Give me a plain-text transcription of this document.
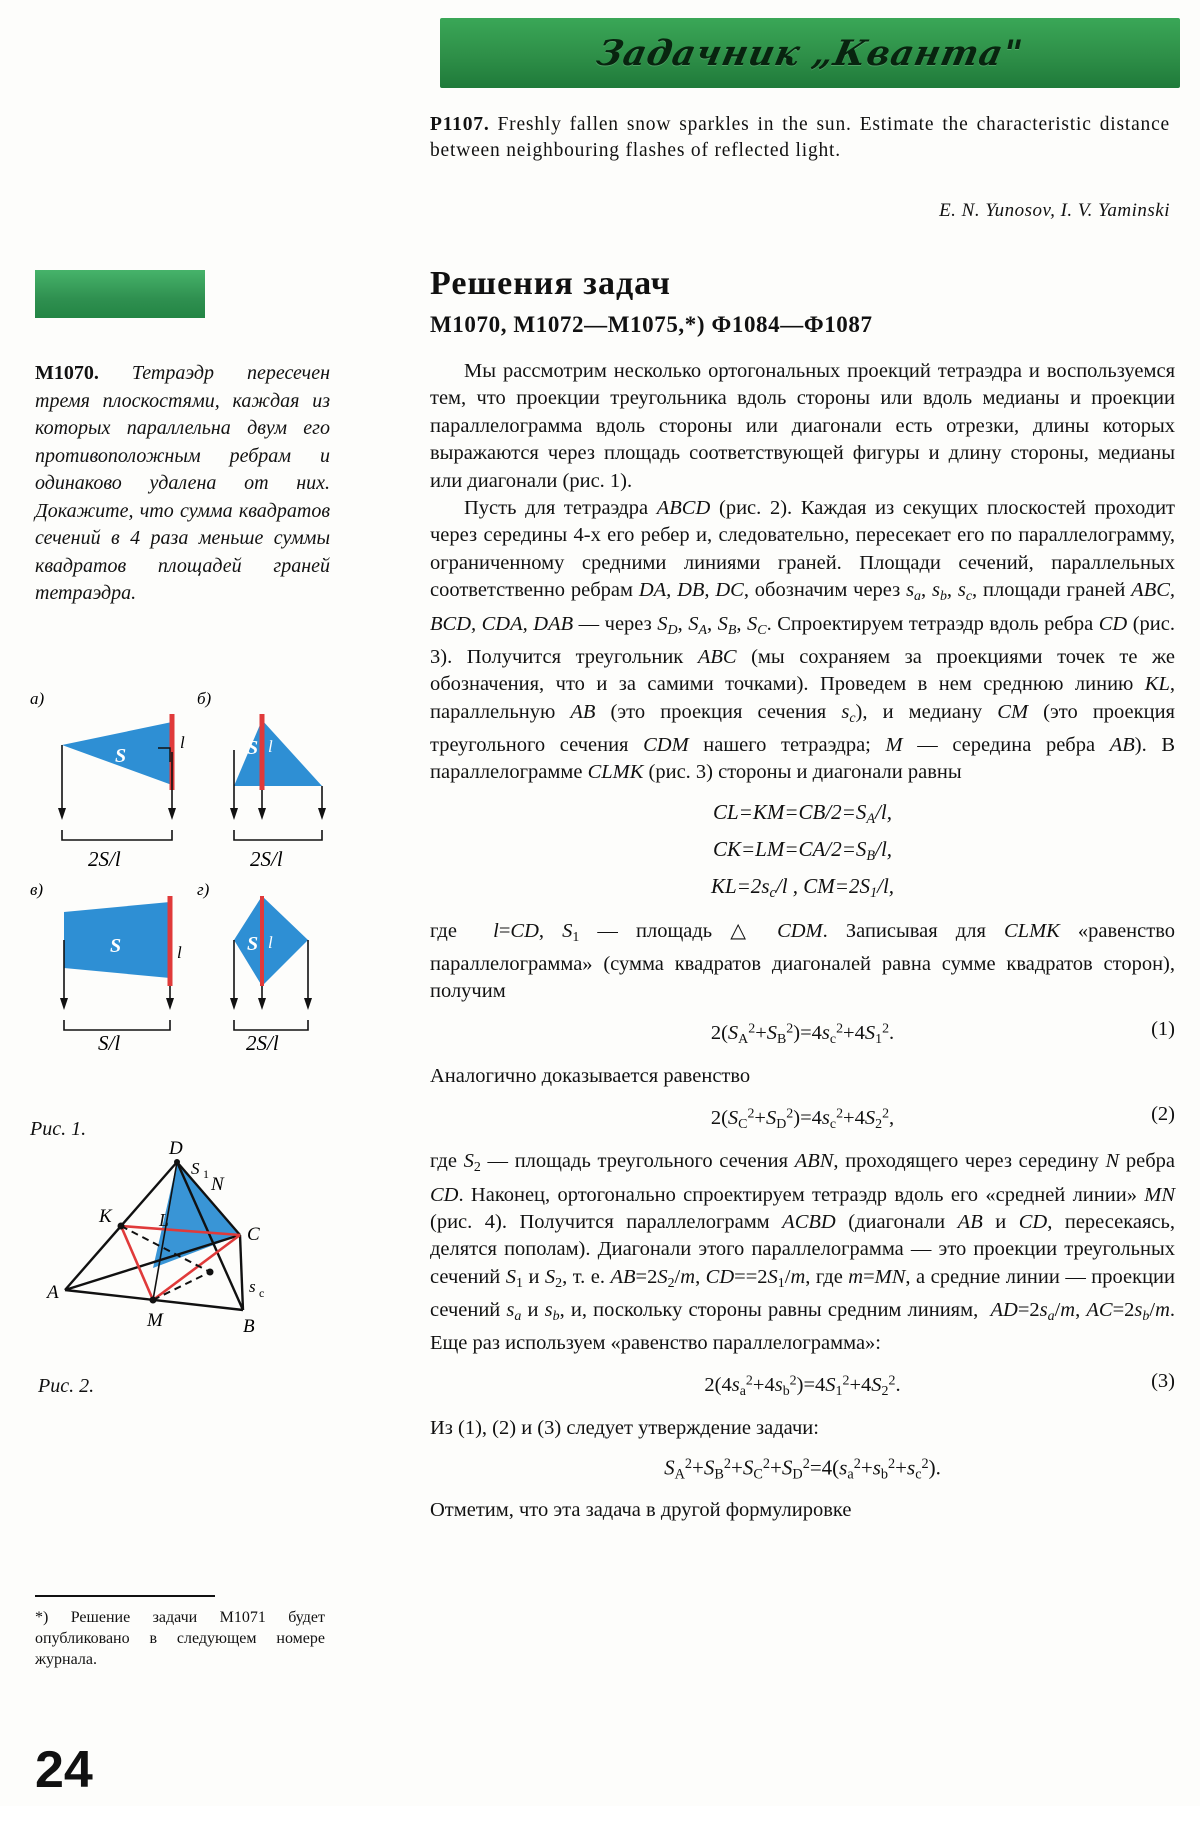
Задачник „Кванта"
P1107. Freshly fallen snow sparkles in the sun. Estimate the characteristic distance between neighbouring flashes of reflected light.
E. N. Yunosov, I. V. Yaminski
Решения задач
M1070, M1072—M1075,*) Ф1084—Ф1087
M1070. Тетраэдр пересечен тремя плоскостями, каждая из которых параллельна двум его противоположным ребрам и одинаково удалена от них. Докажите, что сумма квадратов сечений в 4 раза меньше суммы квадратов площадей граней тетраэдра.
а)
S
l
2S/l
б)
S l
2S/l
в)
S	l
S/l
г)
S l
2S/l
Рис. 1.
D
C
B
A
K
M
N
L
S 1
s c
Рис. 2.
*) Решение задачи M1071 будет опубликовано в следующем номере журнала.
24

Мы рассмотрим несколько ортогональных проекций тетраэдра и воспользуемся тем, что проекции треугольника вдоль стороны или вдоль медианы и проекции параллелограмма вдоль стороны или диагонали есть отрезки, длины которых выражаются через площадь соответствующей фигуры и длину стороны, медианы или диагонали (рис. 1).

Пусть для тетраэдра ABCD (рис. 2). Каждая из секущих плоскостей проходит через середины 4-х его ребер и, следовательно, пересекает его по параллелограмму, ограниченному средними линиями граней. Площади сечений, параллельных соответственно ребрам DA, DB, DC, обозначим через $s_a$, $s_b$, $s_c$, площади граней ABC, BCD, CDA, DAB — через $S_D$, $S_A$, $S_B$, $S_C$. Спроектируем тетраэдр вдоль ребра CD (рис. 3). Получится треугольник ABC (мы сохраняем за проекциями точек те же обозначения, что и за самими точками). Проведем в нем среднюю линию KL, параллельную AB (это проекция сечения $s_c$), и медиану CM (это проекция треугольного сечения CDM нашего тетраэдра; M — середина ребра AB). В параллелограмме CLMK (рис. 3) стороны и диагонали равны

$CL=KM=CB/2=S_A/l$,
$CK=LM=CA/2=S_B/l$,
$KL=2s_c/l$ , $CM=2S_1/l$,

где  l=CD, $S_1$ — площадь △ CDM. Записывая для CLMK «равенство параллелограмма» (сумма квадратов диагоналей равна сумме квадратов сторон), получим

$2(S_A^2+S_B^2)=4s_c^2+4S_1^2$.	(1)

Аналогично доказывается равенство

$2(S_C^2+S_D^2)=4s_c^2+4S_2^2$,	(2)

где $S_2$ — площадь треугольного сечения ABN, проходящего через середину N ребра CD. Наконец, ортогонально спроектируем тетраэдр вдоль его «средней линии» MN (рис. 4). Получится параллелограмм ACBD (диагонали AB и CD, пересекаясь, делятся пополам). Диагонали этого параллелограмма — это проекции треугольных сечений $S_1$ и $S_2$, т. е. $AB=2S_2/m$, $CD=​=2S_1/m$, где m=MN, а средние линии — проекции сечений $s_a$ и $s_b$, и, поскольку стороны равны средним линиям,  $AD=2s_a/m$, $AC=2s_b/m$. Еще раз используем «равенство параллелограмма»:

$2(4s_a^2+4s_b^2)=4S_1^2+4S_2^2$.	(3)

Из (1), (2) и (3) следует утверждение задачи:

$S_A^2+S_B^2+S_C^2+S_D^2=4(s_a^2+s_b^2+s_c^2)$.

Отметим, что эта задача в другой формулировке
